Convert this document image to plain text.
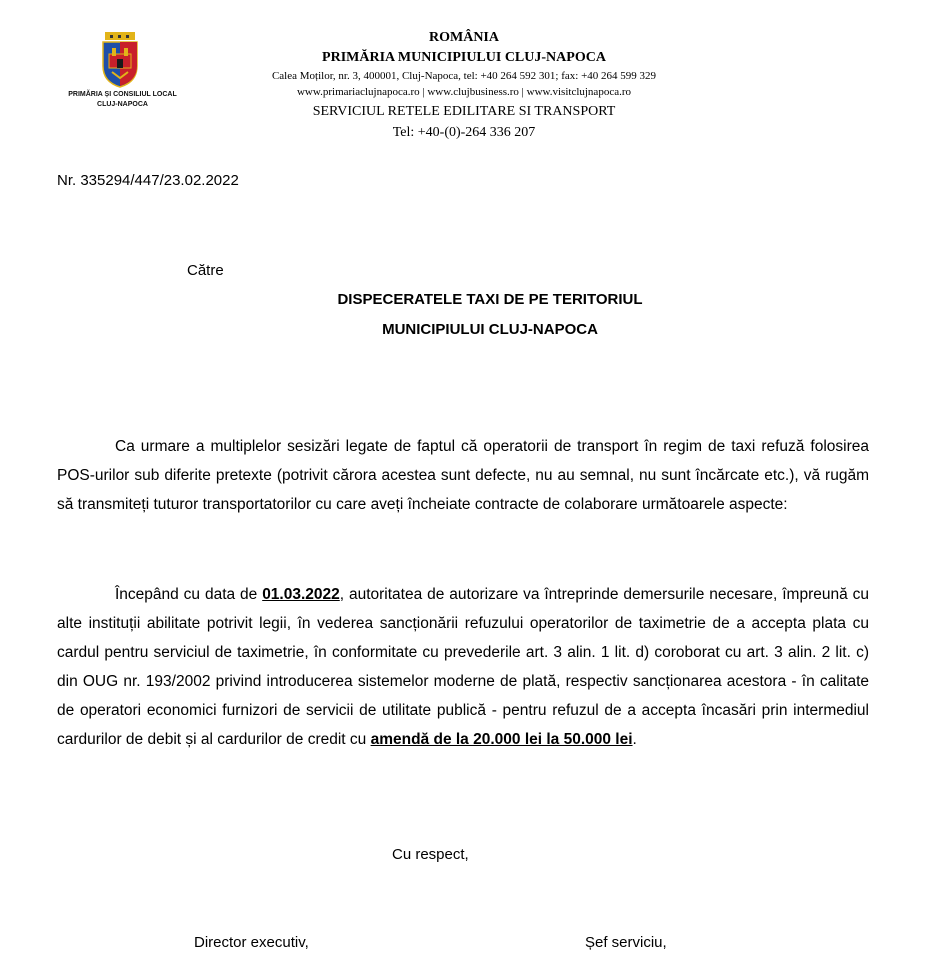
PRIMĂRIA ȘI CONSILIUL LOCAL
CLUJ-NAPOCA
ROMÂNIA
PRIMĂRIA MUNICIPIULUI CLUJ-NAPOCA
Calea Moților, nr. 3, 400001, Cluj-Napoca, tel: +40 264 592 301; fax: +40 264 599 329
www.primariaclujnapoca.ro | www.clujbusiness.ro | www.visitclujnapoca.ro
SERVICIUL RETELE EDILITARE SI TRANSPORT
Tel: +40-(0)-264 336 207
Nr. 335294/447/23.02.2022
Către
DISPECERATELE TAXI DE PE TERITORIUL
MUNICIPIULUI CLUJ-NAPOCA

Ca urmare a multiplelor sesizări legate de faptul că operatorii de transport în regim de taxi refuză folosirea POS-urilor sub diferite pretexte (potrivit cărora acestea sunt defecte, nu au semnal, nu sunt încărcate etc.), vă rugăm să transmiteți tuturor transportatorilor cu care aveți încheiate contracte de colaborare următoarele aspecte:

Începând cu data de 01.03.2022, autoritatea de autorizare va întreprinde demersurile necesare, împreună cu alte instituții abilitate potrivit legii, în vederea sancționării refuzului operatorilor de taximetrie de a accepta plata cu cardul pentru serviciul de taximetrie, în conformitate cu prevederile art. 3 alin. 1 lit. d) coroborat cu art. 3 alin. 2 lit. c) din OUG nr. 193/2002 privind introducerea sistemelor moderne de plată, respectiv sancționarea acestora - în calitate de operatori economici furnizori de servicii de utilitate publică - pentru refuzul de a accepta încasări prin intermediul cardurilor de debit și al cardurilor de credit cu amendă de la 20.000 lei la 50.000 lei.

Cu respect,
Director executiv,	Șef serviciu,
